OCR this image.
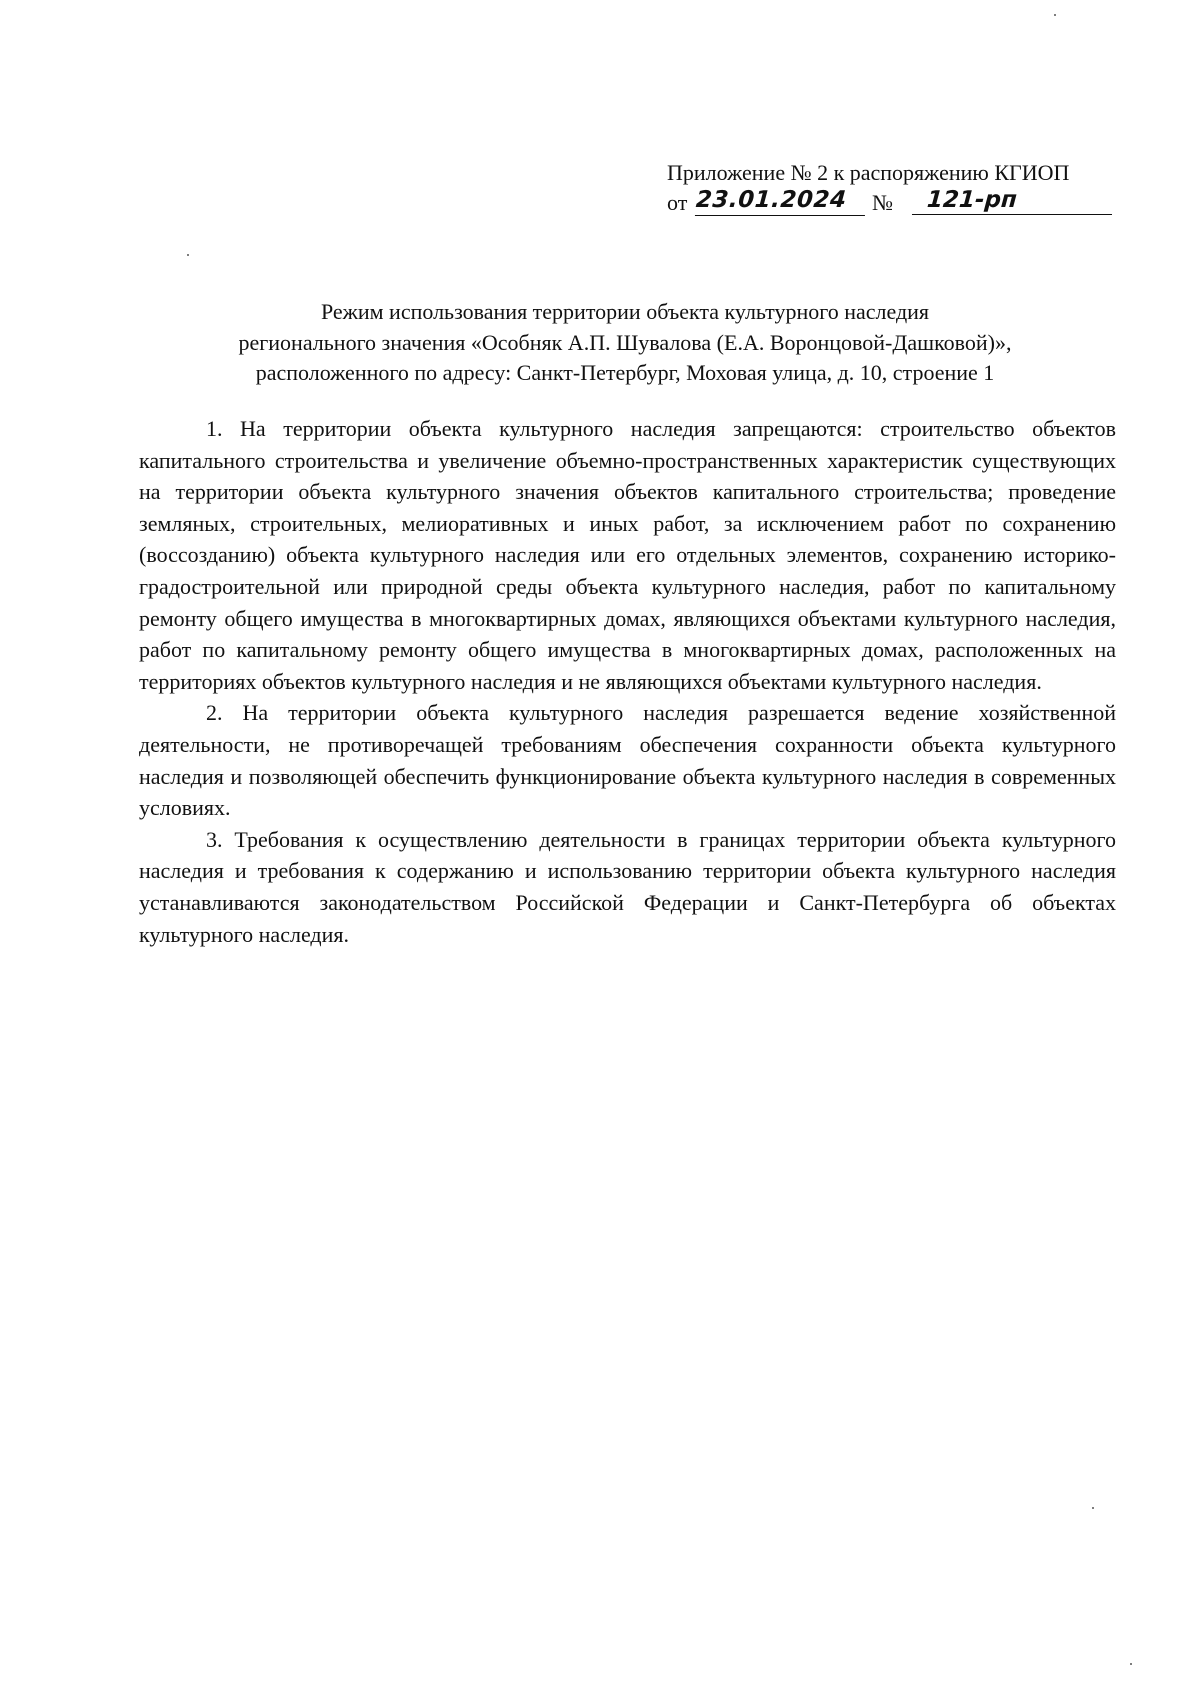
Приложение № 2 к распоряжению КГИОП
от 23.01.2024	№	121-рп
Режим использования территории объекта культурного наследия
регионального значения «Особняк А.П. Шувалова (Е.А. Воронцовой-Дашковой)»,
расположенного по адресу: Санкт-Петербург, Моховая улица, д. 10, строение 1

1. На территории объекта культурного наследия запрещаются: строительство объектов капитального строительства и увеличение объемно-пространственных характеристик существующих на территории объекта культурного значения объектов капитального строительства; проведение земляных, строительных, мелиоративных и иных работ, за исключением работ по сохранению (воссозданию) объекта культурного наследия или его отдельных элементов, сохранению историко-градостроительной или природной среды объекта культурного наследия, работ по капитальному ремонту общего имущества в многоквартирных домах, являющихся объектами культурного наследия, работ по капитальному ремонту общего имущества в многоквартирных домах, расположенных на территориях объектов культурного наследия и не являющихся объектами культурного наследия.

2. На территории объекта культурного наследия разрешается ведение хозяйственной деятельности, не противоречащей требованиям обеспечения сохранности объекта культурного наследия и позволяющей обеспечить функционирование объекта культурного наследия в современных условиях.

3. Требования к осуществлению деятельности в границах территории объекта культурного наследия и требования к содержанию и использованию территории объекта культурного наследия устанавливаются законодательством Российской Федерации и Санкт-Петербурга об объектах культурного наследия.
